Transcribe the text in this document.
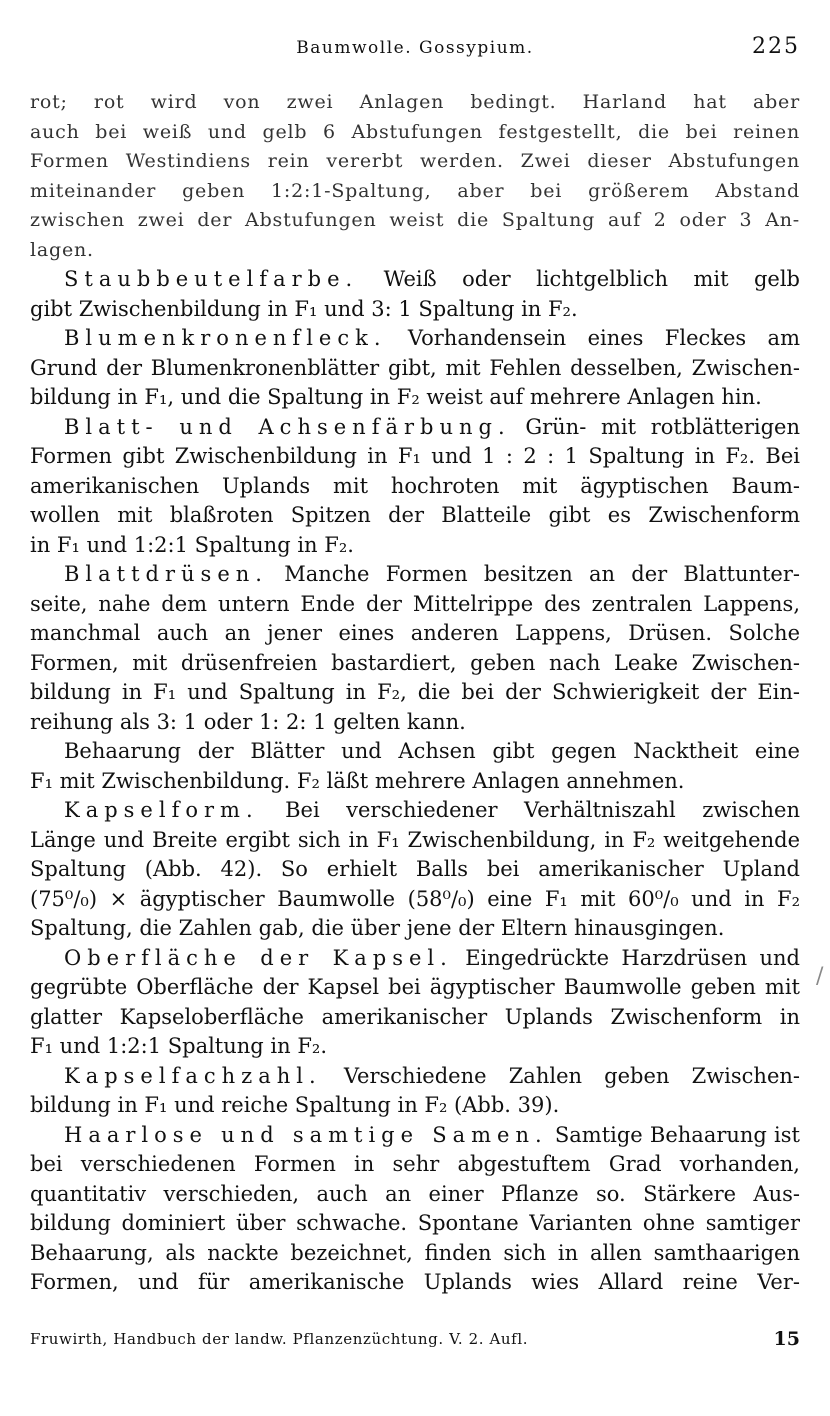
Baumwolle. Gossypium.	225
rot; rot wird von zwei Anlagen bedingt. Harland hat aber
auch bei weiß und gelb 6 Abstufungen festgestellt, die bei reinen
Formen Westindiens rein vererbt werden. Zwei dieser Abstufungen
miteinander geben 1:2:1-Spaltung, aber bei größerem Abstand
zwischen zwei der Abstufungen weist die Spaltung auf 2 oder 3 An-
lagen.
Staubbeutelfarbe. Weiß oder lichtgelblich mit gelb
gibt Zwischenbildung in F₁ und 3: 1 Spaltung in F₂.
Blumenkronenfleck. Vorhandensein eines Fleckes am
Grund der Blumenkronenblätter gibt, mit Fehlen desselben, Zwischen-
bildung in F₁, und die Spaltung in F₂ weist auf mehrere Anlagen hin.
Blatt- und Achsenfärbung. Grün- mit rotblätterigen
Formen gibt Zwischenbildung in F₁ und 1 : 2 : 1 Spaltung in F₂. Bei
amerikanischen Uplands mit hochroten mit ägyptischen Baum-
wollen mit blaßroten Spitzen der Blatteile gibt es Zwischenform
in F₁ und 1:2:1 Spaltung in F₂.
Blattdrüsen. Manche Formen besitzen an der Blattunter-
seite, nahe dem untern Ende der Mittelrippe des zentralen Lappens,
manchmal auch an jener eines anderen Lappens, Drüsen. Solche
Formen, mit drüsenfreien bastardiert, geben nach Leake Zwischen-
bildung in F₁ und Spaltung in F₂, die bei der Schwierigkeit der Ein-
reihung als 3: 1 oder 1: 2: 1 gelten kann.
Behaarung der Blätter und Achsen gibt gegen Nacktheit eine
F₁ mit Zwischenbildung. F₂ läßt mehrere Anlagen annehmen.
Kapselform. Bei verschiedener Verhältniszahl zwischen
Länge und Breite ergibt sich in F₁ Zwischenbildung, in F₂ weitgehende
Spaltung (Abb. 42). So erhielt Balls bei amerikanischer Upland
(75⁰/₀) × ägyptischer Baumwolle (58⁰/₀) eine F₁ mit 60⁰/₀ und in F₂
Spaltung, die Zahlen gab, die über jene der Eltern hinausgingen.
Oberfläche der Kapsel. Eingedrückte Harzdrüsen und
gegrübte Oberfläche der Kapsel bei ägyptischer Baumwolle geben mit
glatter Kapseloberfläche amerikanischer Uplands Zwischenform in
F₁ und 1:2:1 Spaltung in F₂.
Kapselfachzahl. Verschiedene Zahlen geben Zwischen-
bildung in F₁ und reiche Spaltung in F₂ (Abb. 39).
Haarlose und samtige Samen. Samtige Behaarung ist
bei verschiedenen Formen in sehr abgestuftem Grad vorhanden,
quantitativ verschieden, auch an einer Pflanze so. Stärkere Aus-
bildung dominiert über schwache. Spontane Varianten ohne samtiger
Behaarung, als nackte bezeichnet, finden sich in allen samthaarigen
Formen, und für amerikanische Uplands wies Allard reine Ver-
/
Fruwirth, Handbuch der landw. Pflanzenzüchtung. V. 2. Aufl.	15
